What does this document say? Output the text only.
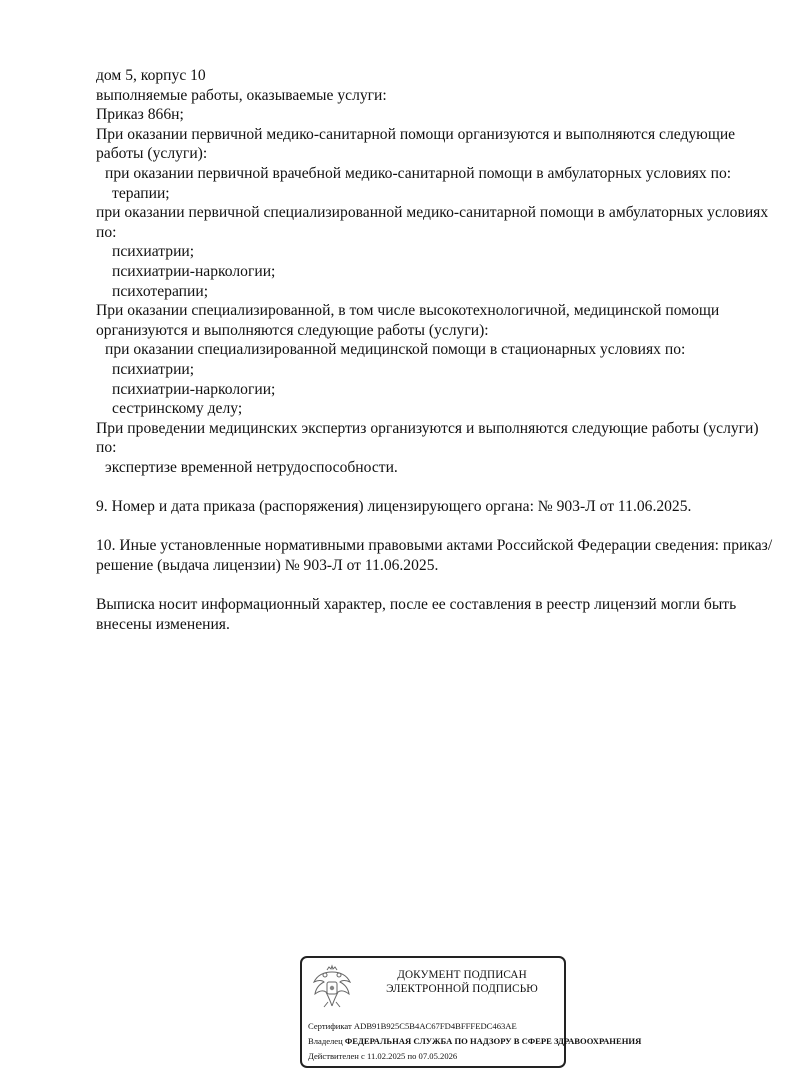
дом 5, корпус 10
выполняемые работы, оказываемые услуги:
Приказ 866н;
При оказании первичной медико-санитарной помощи организуются и выполняются следующие работы (услуги):
при оказании первичной врачебной медико-санитарной помощи в амбулаторных условиях по:
терапии;
при оказании первичной специализированной медико-санитарной помощи в амбулаторных условиях по:
психиатрии;
психиатрии-наркологии;
психотерапии;
При оказании специализированной, в том числе высокотехнологичной, медицинской помощи организуются и выполняются следующие работы (услуги):
при оказании специализированной медицинской помощи в стационарных условиях по:
психиатрии;
психиатрии-наркологии;
сестринскому делу;
При проведении медицинских экспертиз организуются и выполняются следующие работы (услуги) по:
экспертизе временной нетрудоспособности.
9. Номер и дата приказа (распоряжения) лицензирующего органа: № 903-Л от 11.06.2025.
10. Иные установленные нормативными правовыми актами Российской Федерации сведения: приказ/решение (выдача лицензии) № 903-Л от 11.06.2025.
Выписка носит информационный характер, после ее составления в реестр лицензий могли быть внесены изменения.
ДОКУМЕНТ ПОДПИСАН
ЭЛЕКТРОННОЙ ПОДПИСЬЮ
Сертификат ADB91B925C5B4AC67FD4BFFFEDC463AE
Владелец ФЕДЕРАЛЬНАЯ СЛУЖБА ПО НАДЗОРУ В СФЕРЕ ЗДРАВООХРАНЕНИЯ
Действителен с 11.02.2025 по 07.05.2026
